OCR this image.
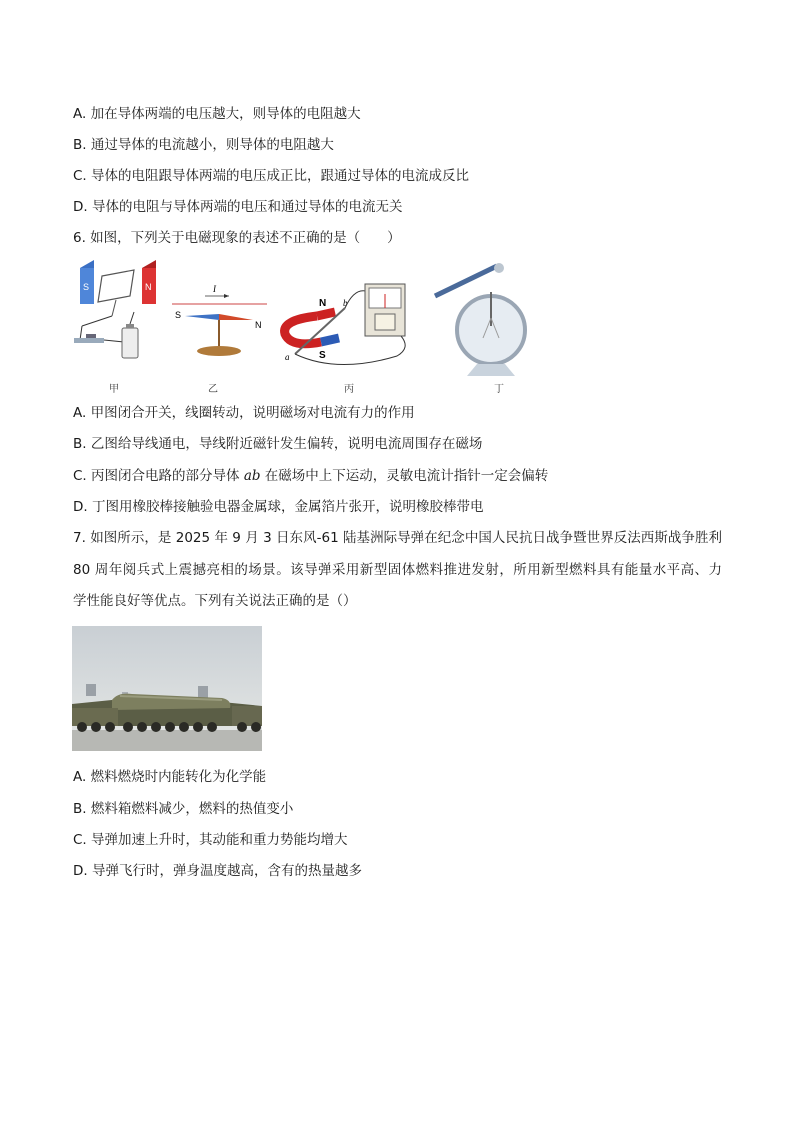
A. 加在导体两端的电压越大，则导体的电阻越大
B. 通过导体的电流越小，则导体的电阻越大
C. 导体的电阻跟导体两端的电压成正比，跟通过导体的电流成反比
D. 导体的电阻与导体两端的电压和通过导体的电流无关
6. 如图，下列关于电磁现象的表述不正确的是（　　）
S	N
甲
I
S
N
乙
N
S
a
b
丙	丁
A. 甲图闭合开关，线圈转动，说明磁场对电流有力的作用
B. 乙图给导线通电，导线附近磁针发生偏转，说明电流周围存在磁场
C. 丙图闭合电路的部分导体 ab 在磁场中上下运动，灵敏电流计指针一定会偏转
D. 丁图用橡胶棒接触验电器金属球，金属箔片张开，说明橡胶棒带电
7. 如图所示，是 2025 年 9 月 3 日东风-61 陆基洲际导弹在纪念中国人民抗日战争暨世界反法西斯战争胜利
80 周年阅兵式上震撼亮相的场景。该导弹采用新型固体燃料推进发射，所用新型燃料具有能量水平高、力
学性能良好等优点。下列有关说法正确的是（）
A. 燃料燃烧时内能转化为化学能
B. 燃料箱燃料减少，燃料的热值变小
C. 导弹加速上升时，其动能和重力势能均增大
D. 导弹飞行时，弹身温度越高，含有的热量越多
